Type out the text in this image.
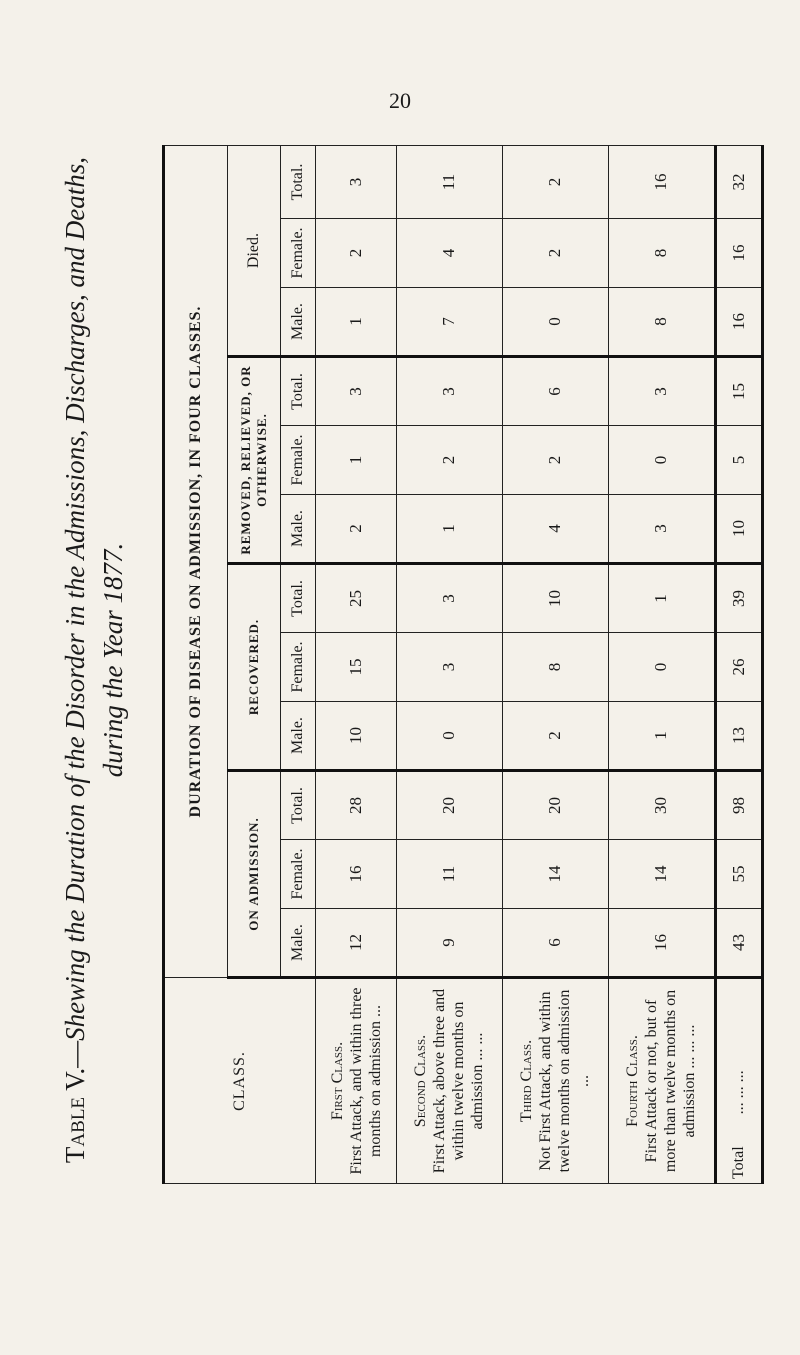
20
Table V.—Shewing the Duration of the Disorder in the Admissions, Discharges, and Deaths, during the Year 1877.
CLASS.	DURATION OF DISEASE ON ADMISSION, IN FOUR CLASSES.											
	ON ADMISSION.			RECOVERED.			REMOVED, RELIEVED, OR OTHERWISE.			Died.		
	Male.	Female.	Total.	Male.	Female.	Total.	Male.	Female.	Total.	Male.	Female.	Total.
First Class. First Attack, and within three months on admission ...	12	16	28	10	15	25	2	1	3	1	2	3
Second Class. First Attack, above three and within twelve months on admission ... ...	9	11	20	0	3	3	1	2	3	7	4	11
Third Class. Not First Attack, and within twelve months on admission ...	6	14	20	2	8	10	4	2	6	0	2	2
Fourth Class. First Attack or not, but of more than twelve months on admission ... ... ...	16	14	30	1	0	1	3	0	3	8	8	16
Total        ... ... ...	43	55	98	13	26	39	10	5	15	16	16	32
